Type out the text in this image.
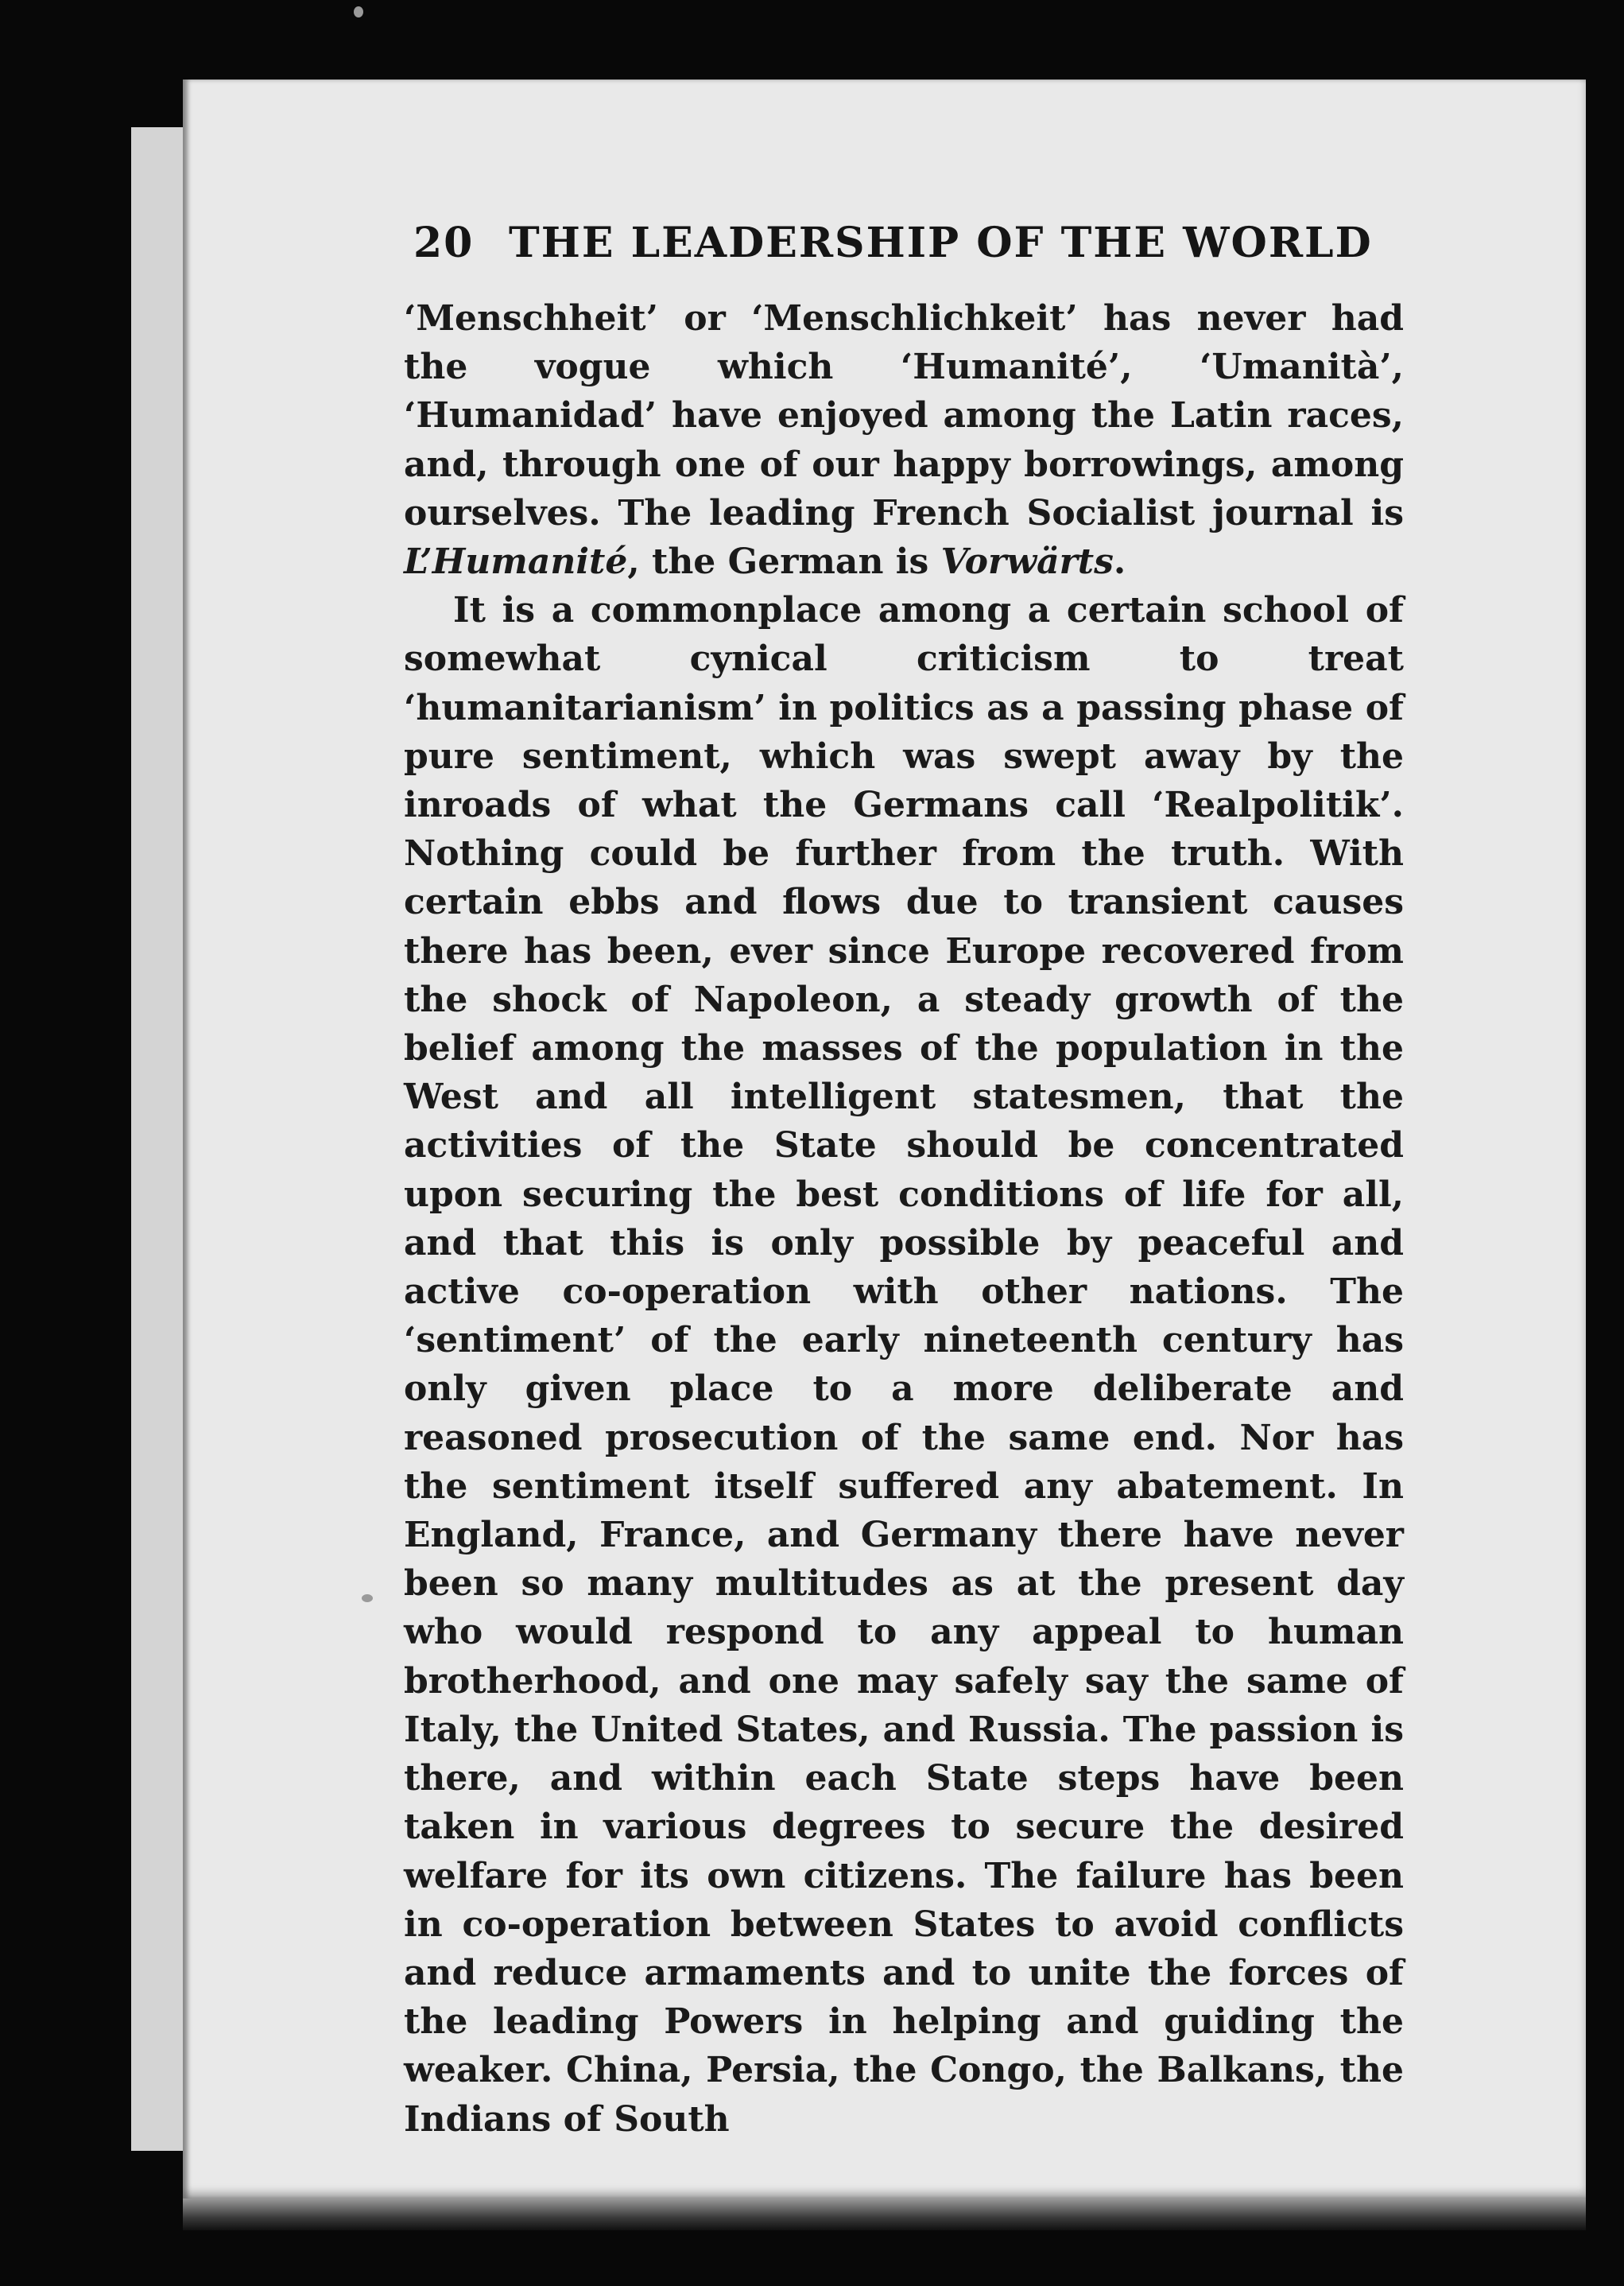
20 THE LEADERSHIP OF THE WORLD

‘Menschheit’ or ‘Menschlichkeit’ has never had the vogue which ‘Humanité’, ‘Umanità’, ‘Humanidad’ have enjoyed among the Latin races, and, through one of our happy borrowings, among ourselves. The leading French Socialist journal is L’Humanité, the German is Vorwärts.

It is a commonplace among a certain school of somewhat cynical criticism to treat ‘humanitarianism’ in politics as a passing phase of pure sentiment, which was swept away by the inroads of what the Germans call ‘Realpolitik’. Nothing could be further from the truth. With certain ebbs and flows due to transient causes there has been, ever since Europe recovered from the shock of Napoleon, a steady growth of the belief among the masses of the population in the West and all intelligent statesmen, that the activities of the State should be concentrated upon securing the best conditions of life for all, and that this is only possible by peaceful and active co-operation with other nations. The ‘sentiment’ of the early nineteenth century has only given place to a more deliberate and reasoned prosecution of the same end. Nor has the sentiment itself suffered any abatement. In England, France, and Germany there have never been so many multitudes as at the present day who would respond to any appeal to human brotherhood, and one may safely say the same of Italy, the United States, and Russia. The passion is there, and within each State steps have been taken in various degrees to secure the desired welfare for its own citizens. The failure has been in co-operation between States to avoid conflicts and reduce armaments and to unite the forces of the leading Powers in helping and guiding the weaker. China, Persia, the Congo, the Balkans, the Indians of South
